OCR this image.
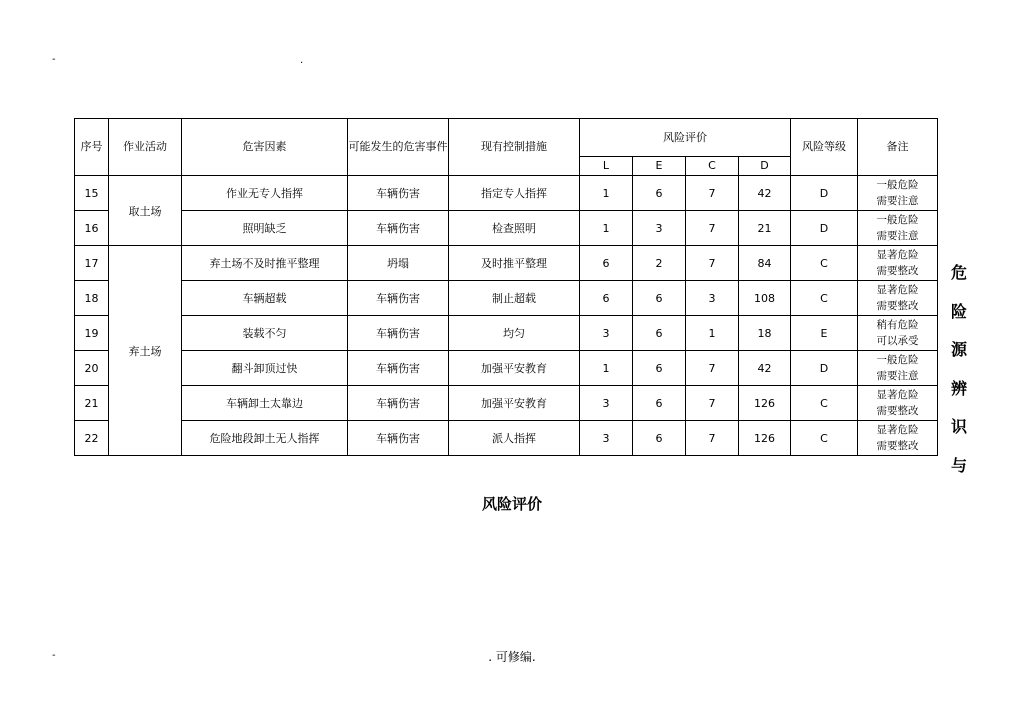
-	.
-
序号	作业活动	危害因素	可能发生的危害事件	现有控制措施	风险评价				风险等级	备注
					L	E	C	D		
15	取土场	作业无专人指挥	车辆伤害	指定专人指挥	1	6	7	42	D	一般危险
需要注意
16		照明缺乏	车辆伤害	检查照明	1	3	7	21	D	一般危险
需要注意
17	弃土场	弃土场不及时推平整理	坍塌	及时推平整理	6	2	7	84	C	显著危险
需要整改
18		车辆超载	车辆伤害	制止超载	6	6	3	108	C	显著危险
需要整改
19		装载不匀	车辆伤害	均匀	3	6	1	18	E	稍有危险
可以承受
20		翻斗卸顶过快	车辆伤害	加强平安教育	1	6	7	42	D	一般危险
需要注意
21		车辆卸土太靠边	车辆伤害	加强平安教育	3	6	7	126	C	显著危险
需要整改
22		危险地段卸土无人指挥	车辆伤害	派人指挥	3	6	7	126	C	显著危险
需要整改
危
险
源
辨
识
与
风险评价
. 可修编.
